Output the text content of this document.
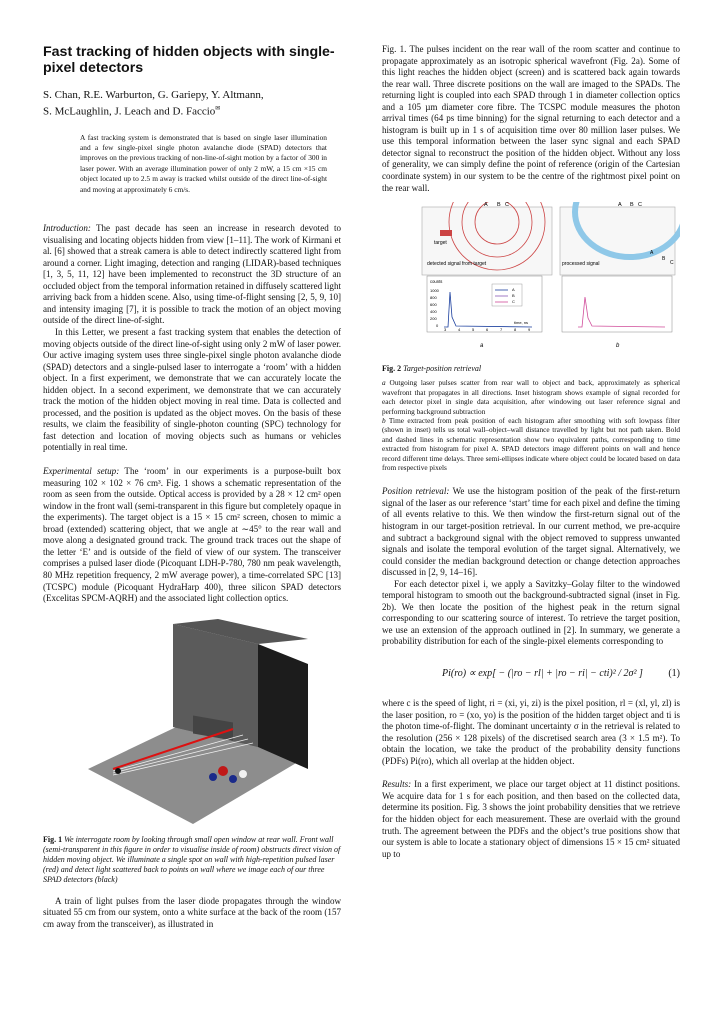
Fast tracking of hidden objects with single-pixel detectors
S. Chan, R.E. Warburton, G. Gariepy, Y. Altmann,
S. McLaughlin, J. Leach and D. Faccio✉
A fast tracking system is demonstrated that is based on single laser illumination and a few single-pixel single photon avalanche diode (SPAD) detectors that improves on the previous tracking of non-line-of-sight motion by a factor of 300 in laser power. With an average illumination power of only 2 mW, a 15 cm ×15 cm object located up to 2.5 m away is tracked whilst outside of the direct line-of-sight and moving at approximately 6 cm/s.

Introduction: The past decade has seen an increase in research devoted to visualising and locating objects hidden from view [1–11]. The work of Kirmani et al. [6] showed that a streak camera is able to detect indirectly scattered light from around a corner. Light imaging, detection and ranging (LIDAR)-based techniques [1, 3, 5, 11, 12] have been implemented to reconstruct the 3D structure of an occluded object from the temporal information retained in diffusely scattered light arriving back from a hidden scene. Also, using time-of-flight sensing [2, 5, 9, 10] and intensity imaging [7], it is possible to track the motion of an object moving outside of the direct line-of-sight.

In this Letter, we present a fast tracking system that enables the detection of moving objects outside of the direct line-of-sight using only 2 mW of laser power. Our active imaging system uses three single-pixel single photon avalanche diode (SPAD) detectors and a single-pulsed laser to interrogate a ‘room’ with a hidden object. In a first experiment, we demonstrate that we can accurately locate the hidden object. In a second experiment, we demonstrate that we can accurately track the motion of the hidden object moving in real time. Data is collected and processed, and the position is updated as the object moves. On the basis of these results, we claim the feasibility of single-photon counting (SPC) technology for fast detection and location of moving objects such as humans or vehicles potentially in real time.

Experimental setup: The ‘room’ in our experiments is a purpose-built box measuring 102 × 102 × 76 cm³. Fig. 1 shows a schematic representation of the room as seen from the outside. Optical access is provided by a 28 × 12 cm² open window in the front wall (semi-transparent in this figure but completely opaque in the experiments). The target object is a 15 × 15 cm² screen, chosen to mimic a broad (extended) scattering object, that we angle at ∼45° to the rear wall and move along a designated ground track. The ground track traces out the shape of the letter ‘E’ and is outside of the field of view of our system. The transceiver comprises a pulsed laser diode (Picoquant LDH-P-780, 780 nm peak wavelength, 80 MHz repetition frequency, 2 mW average power), a time-correlated SPC [13] (TCSPC) module (Picoquant HydraHarp 400), three silicon SPAD detectors (Excelitas SPCM-AQRH) and the associated light collection optics.

Fig. 1 We interrogate room by looking through small open window at rear wall. Front wall (semi-transparent in this figure in order to visualise inside of room) obstructs direct vision of hidden moving object. We illuminate a single spot on wall with high-repetition pulsed laser (red) and detect light scattered back to points on wall where we image each of our three SPAD detectors (black)

A train of light pulses from the laser diode propagates through the window situated 55 cm from our system, onto a white surface at the back of the room (157 cm away from the transceiver), as illustrated in

Fig. 1. The pulses incident on the rear wall of the room scatter and continue to propagate approximately as an isotropic spherical wavefront (Fig. 2a). Some of this light reaches the hidden object (screen) and is scattered back again towards the rear wall. Three discrete positions on the wall are imaged to the SPADs. The returning light is coupled into each SPAD through 1 in diameter collection optics and a 105 µm diameter core fibre. The TCSPC module measures the photon arrival times (64 ps time binning) for the signal returning to each detector and a histogram is built up in 1 s of acquisition time over 80 million laser pulses. We use this temporal information between the laser sync signal and each SPAD detector signal to reconstruct the position of the hidden object. Without any loss of generality, we can simply define the point of reference (origin of the Cartesian coordinate system) in our system to be the centre of the rightmost pixel point on the rear wall.

target
A B C
detected signal from target
counts
1000
800
600
400
200
0
time, ns
3	4	5	6	7	8	9
A
B
C
a
A B C
A
B
C
processed signal
b

Fig. 2 Target-position retrieval

a Outgoing laser pulses scatter from rear wall to object and back, approximately as spherical wavefront that propagates in all directions. Inset histogram shows example of signal recorded for each detector pixel in single data acquisition, after windowing out laser reference signal and performing background subtraction

b Time extracted from peak position of each histogram after smoothing with soft lowpass filter (shown in inset) tells us total wall–object–wall distance travelled by light but not path taken. Bold and dashed lines in schematic representation show two equivalent paths, corresponding to time extracted from histogram for pixel A. SPAD detectors image different points on wall and hence record different time delays. Three semi-ellipses indicate where object could be located based on data from respective pixels

Position retrieval: We use the histogram position of the peak of the first-return signal of the laser as our reference ‘start’ time for each pixel and define the timing of all events relative to this. We then window the first-return signal out of the histogram in our target-position retrieval. In our current method, we pre-acquire and subtract a background signal with the object removed to suppress unwanted signals and isolate the temporal evolution of the target signal. Alternatively, we could consider the median background detection or change detection approaches discussed in [2, 9, 14–16].

For each detector pixel i, we apply a Savitzky–Golay filter to the windowed temporal histogram to smooth out the background-subtracted signal (inset in Fig. 2b). We then locate the position of the highest peak in the return signal corresponding to our scattering source of interest. To retrieve the target position, we use an extension of the approach outlined in [2]. In summary, we generate a probability distribution for each of the single-pixel elements corresponding to

Pi(ro) ∝ exp[ − (|ro − rl| + |ro − ri| − cti)² / 2σ² ]	(1)

where c is the speed of light, ri = (xi, yi, zi) is the pixel position, rl = (xl, yl, zl) is the laser position, ro = (xo, yo) is the position of the hidden target object and ti is the photon time-of-flight. The dominant uncertainty σ in the retrieval is related to the resolution (256 × 128 pixels) of the discretised search area (3 × 1.5 m²). To obtain the location, we take the product of the probability density functions (PDFs) Pi(ro), which all overlap at the hidden object.

Results: In a first experiment, we place our target object at 11 distinct positions. We acquire data for 1 s for each position, and then based on the collected data, determine its position. Fig. 3 shows the joint probability densities that we retrieve for the hidden object for each measurement. These are overlaid with the ground truth. The agreement between the PDFs and the object’s true positions show that our system is able to locate a stationary object of dimensions 15 × 15 cm² situated up to
